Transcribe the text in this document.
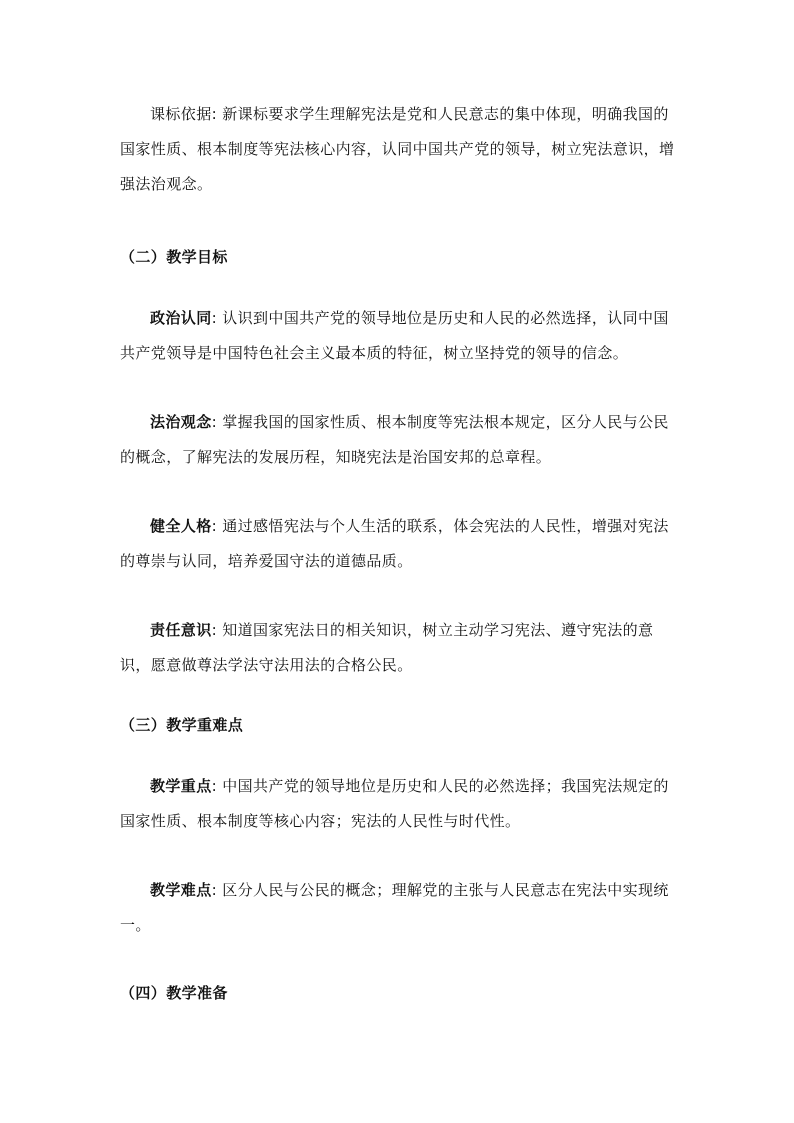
课标依据: 新课标要求学生理解宪法是党和人民意志的集中体现，明确我国的国家性质、根本制度等宪法核心内容，认同中国共产党的领导，树立宪法意识，增强法治观念。

（二）教学目标

政治认同: 认识到中国共产党的领导地位是历史和人民的必然选择，认同中国共产党领导是中国特色社会主义最本质的特征，树立坚持党的领导的信念。

法治观念: 掌握我国的国家性质、根本制度等宪法根本规定，区分人民与公民的概念，了解宪法的发展历程，知晓宪法是治国安邦的总章程。

健全人格: 通过感悟宪法与个人生活的联系，体会宪法的人民性，增强对宪法的尊崇与认同，培养爱国守法的道德品质。

责任意识: 知道国家宪法日的相关知识，树立主动学习宪法、遵守宪法的意识，愿意做尊法学法守法用法的合格公民。

（三）教学重难点

教学重点: 中国共产党的领导地位是历史和人民的必然选择；我国宪法规定的国家性质、根本制度等核心内容；宪法的人民性与时代性。

教学难点: 区分人民与公民的概念；理解党的主张与人民意志在宪法中实现统一。

（四）教学准备
